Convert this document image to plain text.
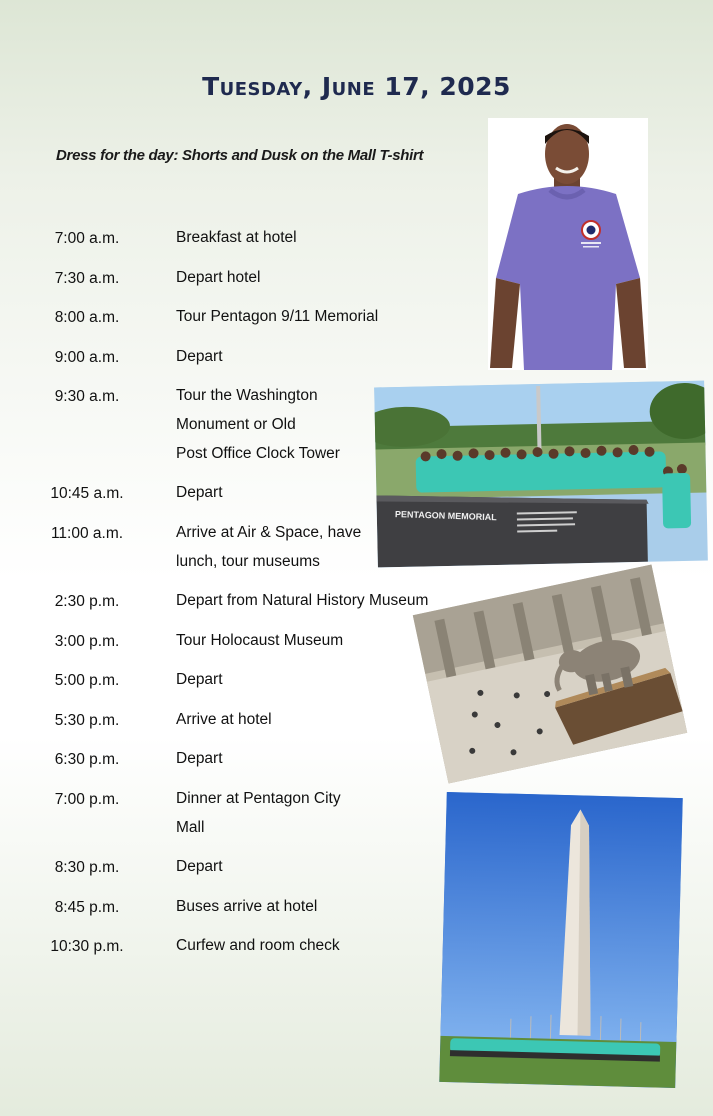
Tuesday, June 17, 2025
Dress for the day: Shorts and Dusk on the Mall T-shirt
7:00 a.m.	Breakfast at hotel
7:30 a.m.	Depart hotel
8:00 a.m.	Tour Pentagon 9/11 Memorial
9:00 a.m.	Depart
9:30 a.m.	Tour the Washington
Monument or Old
Post Office Clock Tower
10:45 a.m.	Depart
11:00 a.m.	Arrive at Air & Space, have
lunch, tour museums
2:30 p.m.	Depart from Natural History Museum
3:00 p.m.	Tour Holocaust Museum
5:00 p.m.	Depart
5:30 p.m.	Arrive at hotel
6:30 p.m.	Depart
7:00 p.m.	Dinner at Pentagon City
Mall
8:30 p.m.	Depart
8:45 p.m.	Buses arrive at hotel
10:30 p.m.	Curfew and room check
PENTAGON MEMORIAL
